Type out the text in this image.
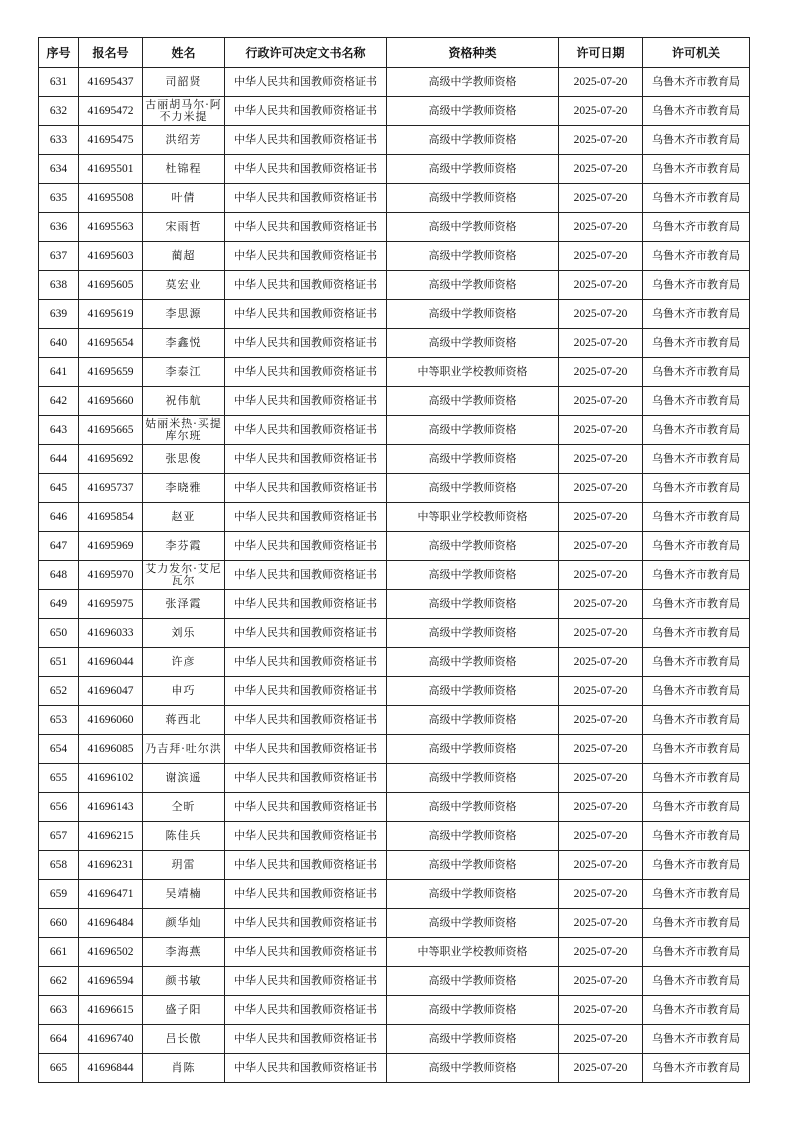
序号	报名号	姓名	行政许可决定文书名称	资格种类	许可日期	许可机关
631	41695437	司韶贤	中华人民共和国教师资格证书	高级中学教师资格	2025-07-20	乌鲁木齐市教育局
632	41695472	古丽胡马尔·阿不力米提	中华人民共和国教师资格证书	高级中学教师资格	2025-07-20	乌鲁木齐市教育局
633	41695475	洪绍芳	中华人民共和国教师资格证书	高级中学教师资格	2025-07-20	乌鲁木齐市教育局
634	41695501	杜锦程	中华人民共和国教师资格证书	高级中学教师资格	2025-07-20	乌鲁木齐市教育局
635	41695508	叶倩	中华人民共和国教师资格证书	高级中学教师资格	2025-07-20	乌鲁木齐市教育局
636	41695563	宋雨哲	中华人民共和国教师资格证书	高级中学教师资格	2025-07-20	乌鲁木齐市教育局
637	41695603	蔺超	中华人民共和国教师资格证书	高级中学教师资格	2025-07-20	乌鲁木齐市教育局
638	41695605	莫宏业	中华人民共和国教师资格证书	高级中学教师资格	2025-07-20	乌鲁木齐市教育局
639	41695619	李思源	中华人民共和国教师资格证书	高级中学教师资格	2025-07-20	乌鲁木齐市教育局
640	41695654	李鑫悦	中华人民共和国教师资格证书	高级中学教师资格	2025-07-20	乌鲁木齐市教育局
641	41695659	李泰江	中华人民共和国教师资格证书	中等职业学校教师资格	2025-07-20	乌鲁木齐市教育局
642	41695660	祝伟航	中华人民共和国教师资格证书	高级中学教师资格	2025-07-20	乌鲁木齐市教育局
643	41695665	姑丽米热·买提库尔班	中华人民共和国教师资格证书	高级中学教师资格	2025-07-20	乌鲁木齐市教育局
644	41695692	张思俊	中华人民共和国教师资格证书	高级中学教师资格	2025-07-20	乌鲁木齐市教育局
645	41695737	李晓雅	中华人民共和国教师资格证书	高级中学教师资格	2025-07-20	乌鲁木齐市教育局
646	41695854	赵亚	中华人民共和国教师资格证书	中等职业学校教师资格	2025-07-20	乌鲁木齐市教育局
647	41695969	李芬霞	中华人民共和国教师资格证书	高级中学教师资格	2025-07-20	乌鲁木齐市教育局
648	41695970	艾力发尔·艾尼瓦尔	中华人民共和国教师资格证书	高级中学教师资格	2025-07-20	乌鲁木齐市教育局
649	41695975	张泽霞	中华人民共和国教师资格证书	高级中学教师资格	2025-07-20	乌鲁木齐市教育局
650	41696033	刘乐	中华人民共和国教师资格证书	高级中学教师资格	2025-07-20	乌鲁木齐市教育局
651	41696044	许彦	中华人民共和国教师资格证书	高级中学教师资格	2025-07-20	乌鲁木齐市教育局
652	41696047	申巧	中华人民共和国教师资格证书	高级中学教师资格	2025-07-20	乌鲁木齐市教育局
653	41696060	蒋西北	中华人民共和国教师资格证书	高级中学教师资格	2025-07-20	乌鲁木齐市教育局
654	41696085	乃吉拜·吐尔洪	中华人民共和国教师资格证书	高级中学教师资格	2025-07-20	乌鲁木齐市教育局
655	41696102	谢滨遥	中华人民共和国教师资格证书	高级中学教师资格	2025-07-20	乌鲁木齐市教育局
656	41696143	仝昕	中华人民共和国教师资格证书	高级中学教师资格	2025-07-20	乌鲁木齐市教育局
657	41696215	陈佳兵	中华人民共和国教师资格证书	高级中学教师资格	2025-07-20	乌鲁木齐市教育局
658	41696231	玥雷	中华人民共和国教师资格证书	高级中学教师资格	2025-07-20	乌鲁木齐市教育局
659	41696471	吴靖楠	中华人民共和国教师资格证书	高级中学教师资格	2025-07-20	乌鲁木齐市教育局
660	41696484	颜华灿	中华人民共和国教师资格证书	高级中学教师资格	2025-07-20	乌鲁木齐市教育局
661	41696502	李海燕	中华人民共和国教师资格证书	中等职业学校教师资格	2025-07-20	乌鲁木齐市教育局
662	41696594	颜书敏	中华人民共和国教师资格证书	高级中学教师资格	2025-07-20	乌鲁木齐市教育局
663	41696615	盛子阳	中华人民共和国教师资格证书	高级中学教师资格	2025-07-20	乌鲁木齐市教育局
664	41696740	吕长傲	中华人民共和国教师资格证书	高级中学教师资格	2025-07-20	乌鲁木齐市教育局
665	41696844	肖陈	中华人民共和国教师资格证书	高级中学教师资格	2025-07-20	乌鲁木齐市教育局
